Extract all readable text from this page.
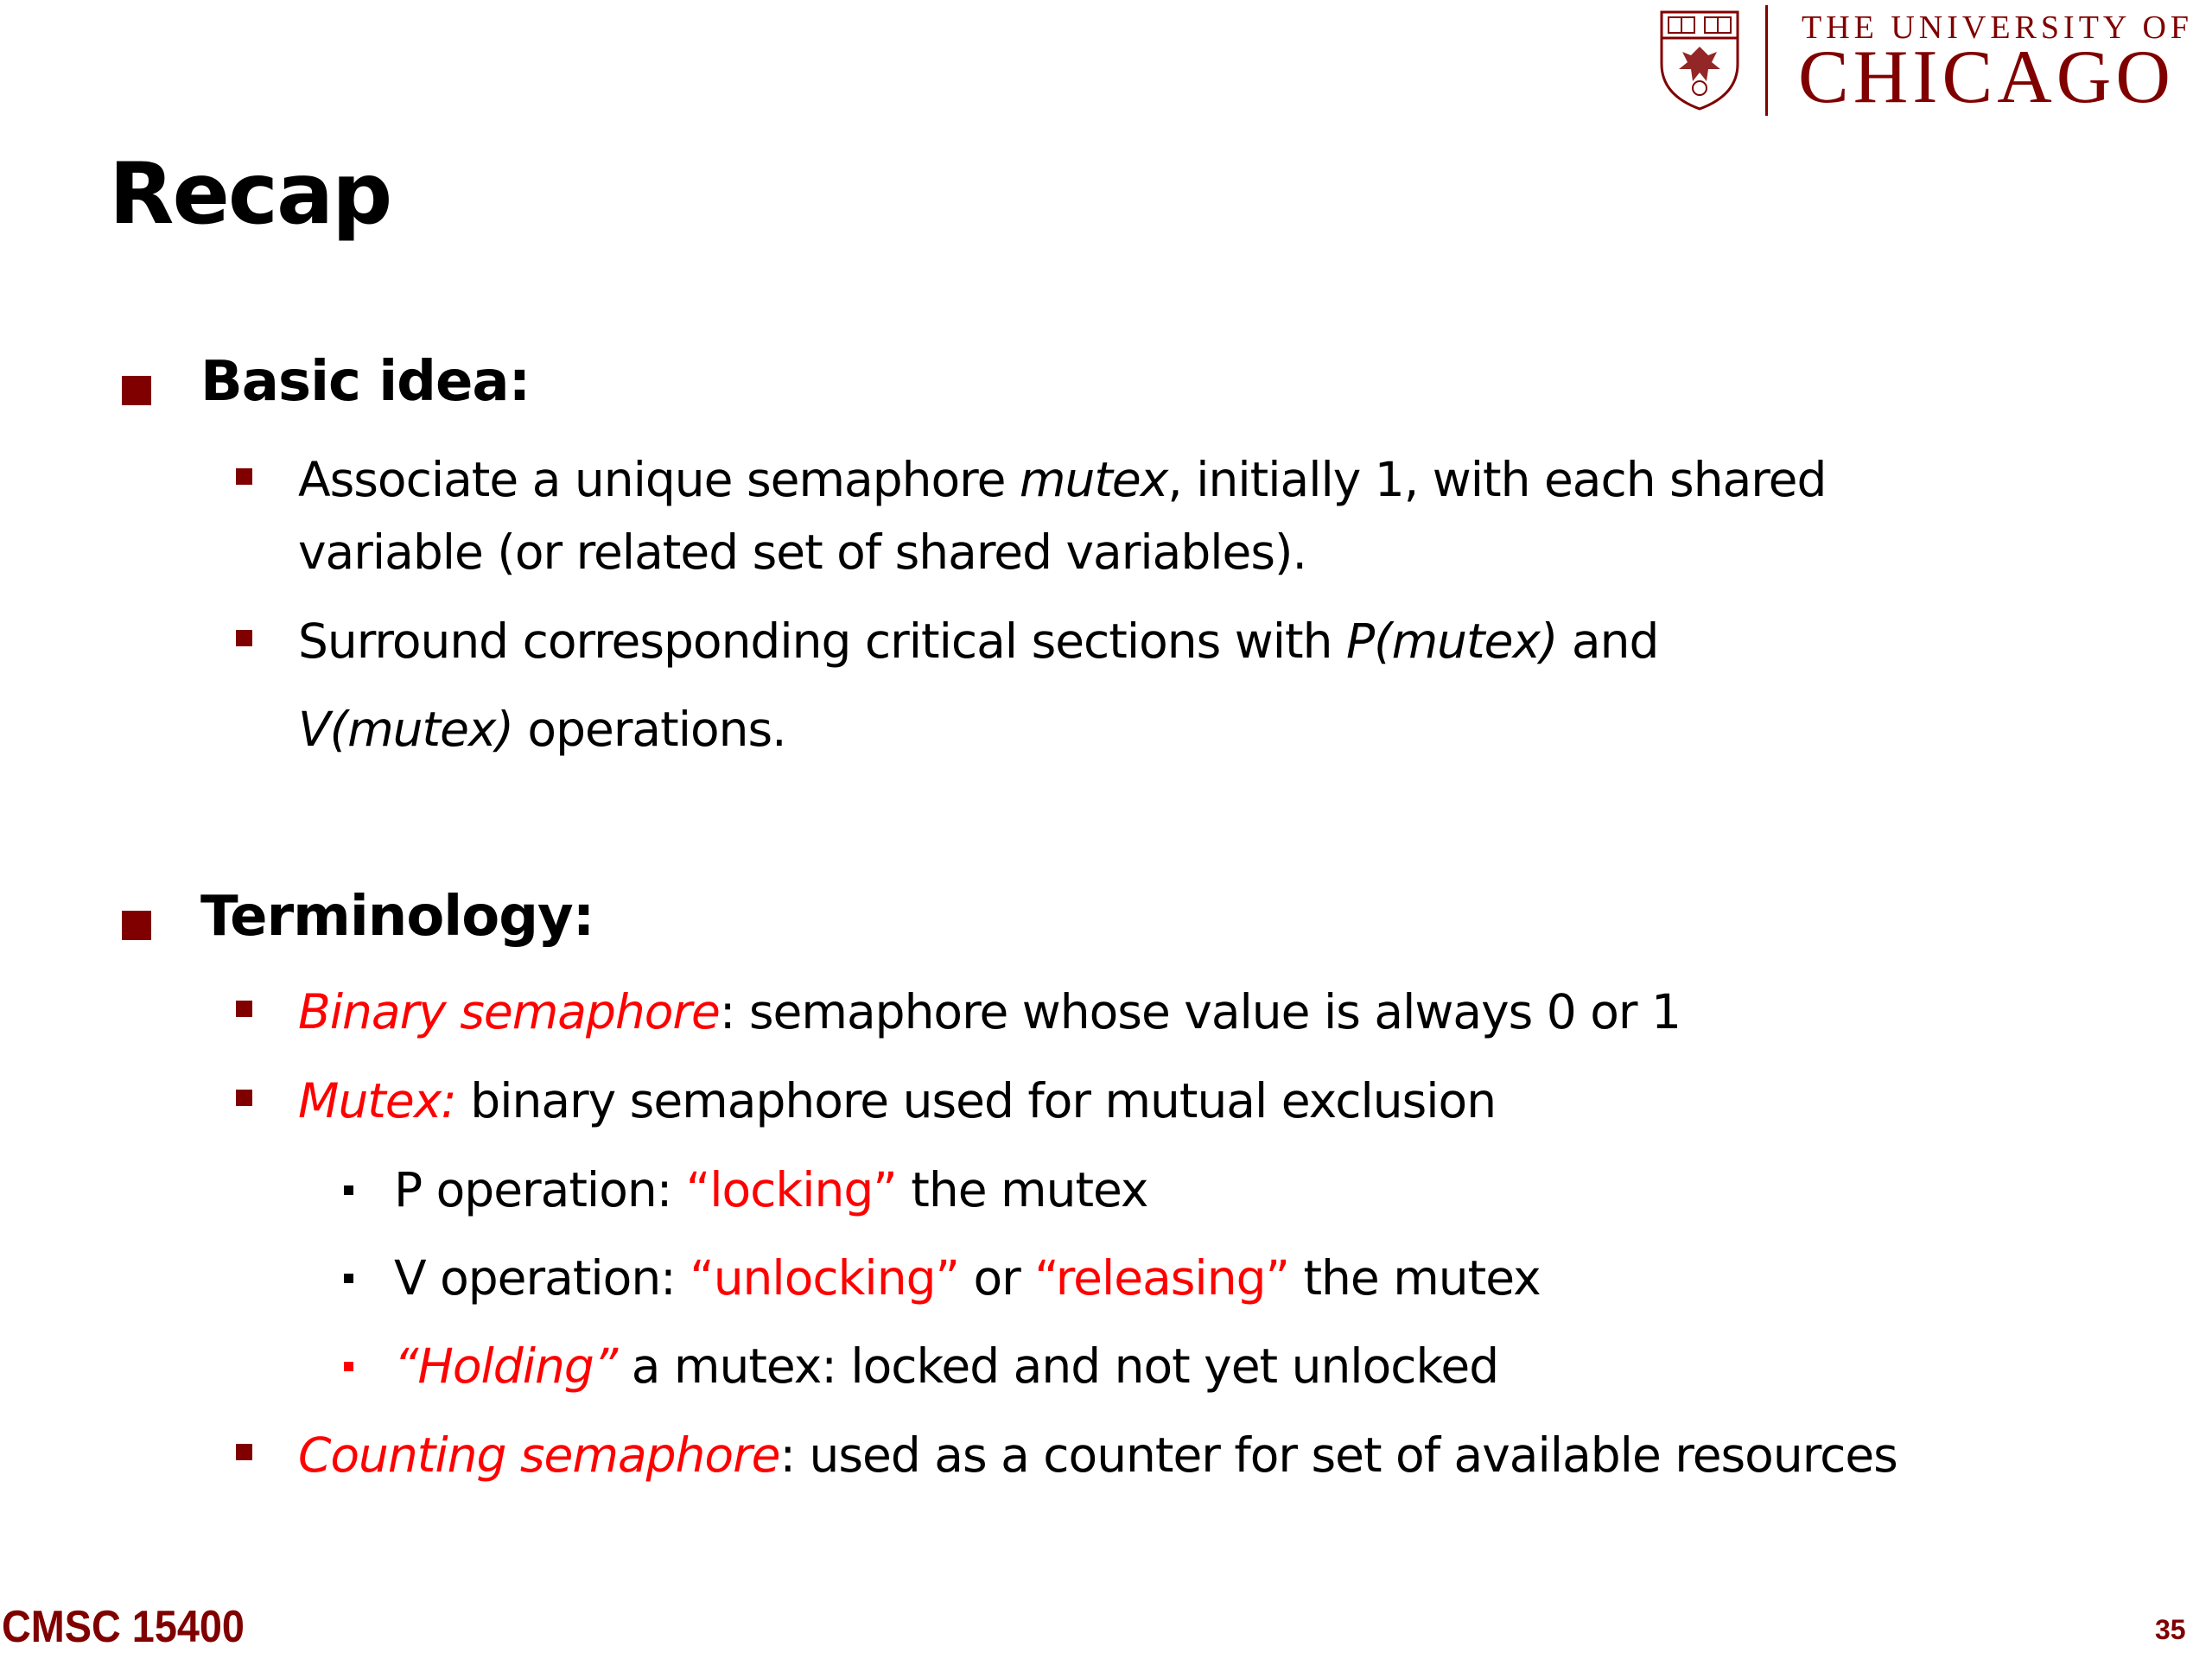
THE UNIVERSITY OF
CHICAGO
Recap
Basic idea:
Associate a unique semaphore mutex, initially 1, with each shared
variable (or related set of shared variables).
Surround corresponding critical sections with P(mutex) and
V(mutex) operations.
Terminology:
Binary semaphore: semaphore whose value is always 0 or 1
Mutex: binary semaphore used for mutual exclusion
P operation: “locking” the mutex
V operation: “unlocking” or “releasing” the mutex
“Holding” a mutex: locked and not yet unlocked
Counting semaphore: used as a counter for set of available resources
CMSC 15400	35
